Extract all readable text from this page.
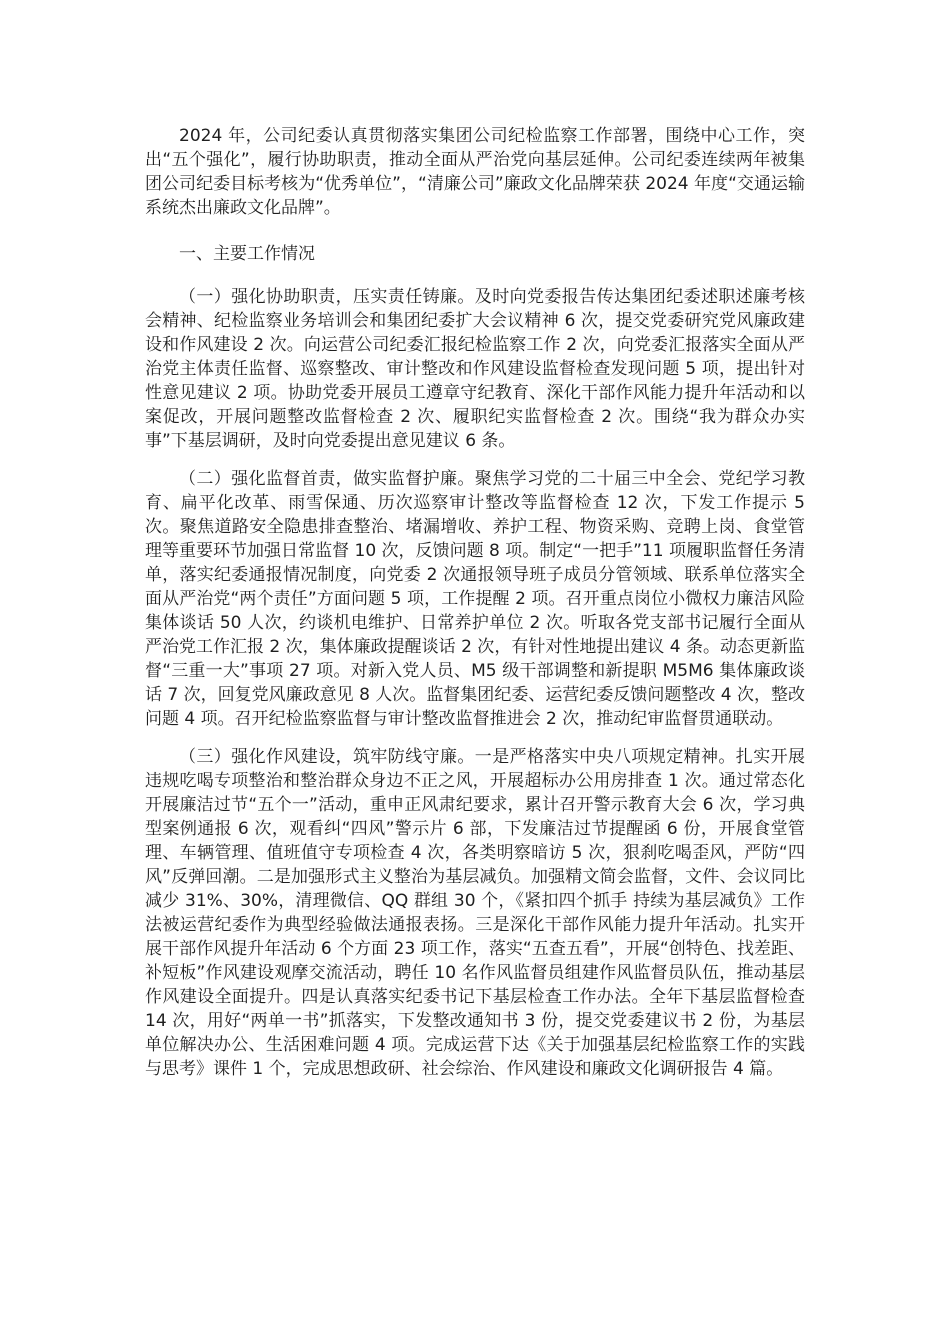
2024 年，公司纪委认真贯彻落实集团公司纪检监察工作部署，围绕中心工作，突出“五个强化”，履行协助职责，推动全面从严治党向基层延伸。公司纪委连续两年被集团公司纪委目标考核为“优秀单位”，“清廉公司”廉政文化品牌荣获 2024 年度“交通运输系统杰出廉政文化品牌”。

一、主要工作情况

（一）强化协助职责，压实责任铸廉。及时向党委报告传达集团纪委述职述廉考核会精神、纪检监察业务培训会和集团纪委扩大会议精神 6 次，提交党委研究党风廉政建设和作风建设 2 次。向运营公司纪委汇报纪检监察工作 2 次，向党委汇报落实全面从严治党主体责任监督、巡察整改、审计整改和作风建设监督检查发现问题 5 项，提出针对性意见建议 2 项。协助党委开展员工遵章守纪教育、深化干部作风能力提升年活动和以案促改，开展问题整改监督检查 2 次、履职纪实监督检查 2 次。围绕“我为群众办实事”下基层调研，及时向党委提出意见建议 6 条。

（二）强化监督首责，做实监督护廉。聚焦学习党的二十届三中全会、党纪学习教育、扁平化改革、雨雪保通、历次巡察审计整改等监督检查 12 次，下发工作提示 5 次。聚焦道路安全隐患排查整治、堵漏增收、养护工程、物资采购、竞聘上岗、食堂管理等重要环节加强日常监督 10 次，反馈问题 8 项。制定“一把手”11 项履职监督任务清单，落实纪委通报情况制度，向党委 2 次通报领导班子成员分管领域、联系单位落实全面从严治党“两个责任”方面问题 5 项，工作提醒 2 项。召开重点岗位小微权力廉洁风险集体谈话 50 人次，约谈机电维护、日常养护单位 2 次。听取各党支部书记履行全面从严治党工作汇报 2 次，集体廉政提醒谈话 2 次，有针对性地提出建议 4 条。动态更新监督“三重一大”事项 27 项。对新入党人员、M5 级干部调整和新提职 M5M6 集体廉政谈话 7 次，回复党风廉政意见 8 人次。监督集团纪委、运营纪委反馈问题整改 4 次，整改问题 4 项。召开纪检监察监督与审计整改监督推进会 2 次，推动纪审监督贯通联动。

（三）强化作风建设，筑牢防线守廉。一是严格落实中央八项规定精神。扎实开展违规吃喝专项整治和整治群众身边不正之风，开展超标办公用房排查 1 次。通过常态化开展廉洁过节“五个一”活动，重申正风肃纪要求，累计召开警示教育大会 6 次，学习典型案例通报 6 次，观看纠“四风”警示片 6 部，下发廉洁过节提醒函 6 份，开展食堂管理、车辆管理、值班值守专项检查 4 次，各类明察暗访 5 次，狠刹吃喝歪风，严防“四风”反弹回潮。二是加强形式主义整治为基层减负。加强精文简会监督，文件、会议同比减少 31%、30%，清理微信、QQ 群组 30 个，《紧扣四个抓手 持续为基层减负》工作法被运营纪委作为典型经验做法通报表扬。三是深化干部作风能力提升年活动。扎实开展干部作风提升年活动 6 个方面 23 项工作，落实“五查五看”，开展“创特色、找差距、补短板”作风建设观摩交流活动，聘任 10 名作风监督员组建作风监督员队伍，推动基层作风建设全面提升。四是认真落实纪委书记下基层检查工作办法。全年下基层监督检查 14 次，用好“两单一书”抓落实，下发整改通知书 3 份，提交党委建议书 2 份，为基层单位解决办公、生活困难问题 4 项。完成运营下达《关于加强基层纪检监察工作的实践与思考》课件 1 个，完成思想政研、社会综治、作风建设和廉政文化调研报告 4 篇。
